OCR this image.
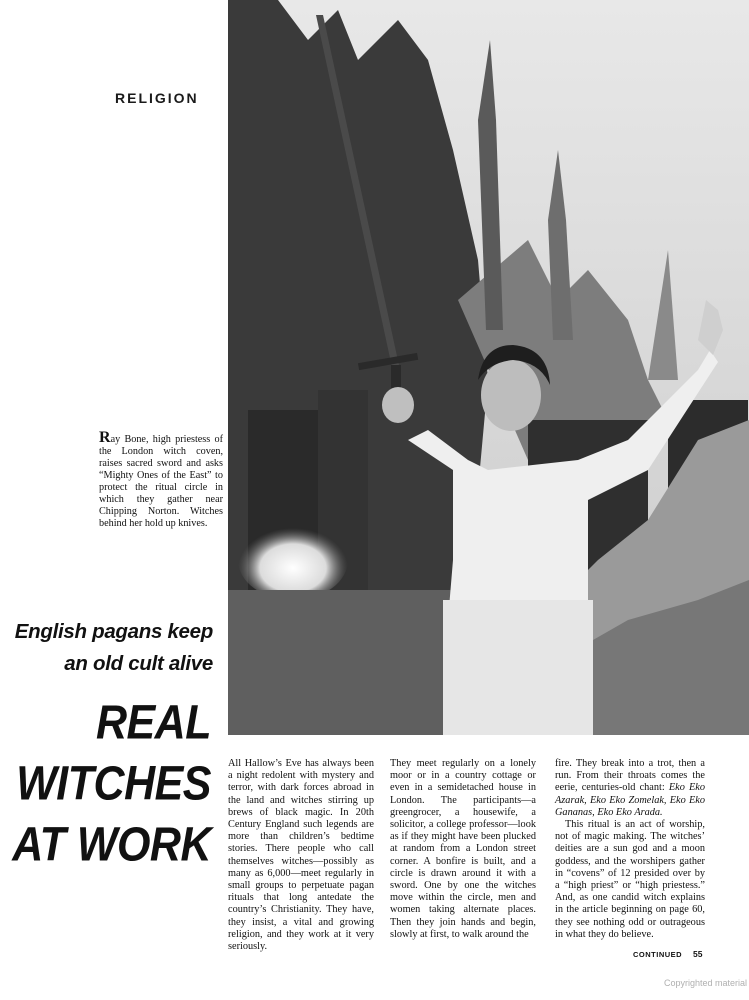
RELIGION
Ray Bone, high priestess of the London witch coven, raises sacred sword and asks “Mighty Ones of the East” to protect the ritual circle in which they gather near Chipping Norton. Witches behind her hold up knives.
English pagans keep
an old cult alive
REAL
WITCHES
AT WORK
All Hallow’s Eve has always been a night redolent with mystery and terror, with dark forces abroad in the land and witches stirring up brews of black magic. In 20th Century England such legends are more than children’s bedtime stories. There people who call themselves witches—possibly as many as 6,000—meet regularly in small groups to perpetuate pagan rituals that long antedate the country’s Christianity. They have, they insist, a vital and growing religion, and they work at it very seriously.
They meet regularly on a lonely moor or in a country cottage or even in a semidetached house in London. The participants—a greengrocer, a housewife, a solicitor, a college professor—look as if they might have been plucked at random from a London street corner. A bonfire is built, and a circle is drawn around it with a sword. One by one the witches move within the circle, men and women taking alternate places. Then they join hands and begin, slowly at first, to walk around the
fire. They break into a trot, then a run. From their throats comes the eerie, centuries-old chant: Eko Eko Azarak, Eko Eko Zomelak, Eko Eko Gananas, Eko Eko Arada.
This ritual is an act of worship, not of magic making. The witches’ deities are a sun god and a moon goddess, and the worshipers gather in “covens” of 12 presided over by a “high priest” or “high priestess.” And, as one candid witch explains in the article beginning on page 60, they see nothing odd or outrageous in what they do believe.
CONTINUED 55
Copyrighted material
